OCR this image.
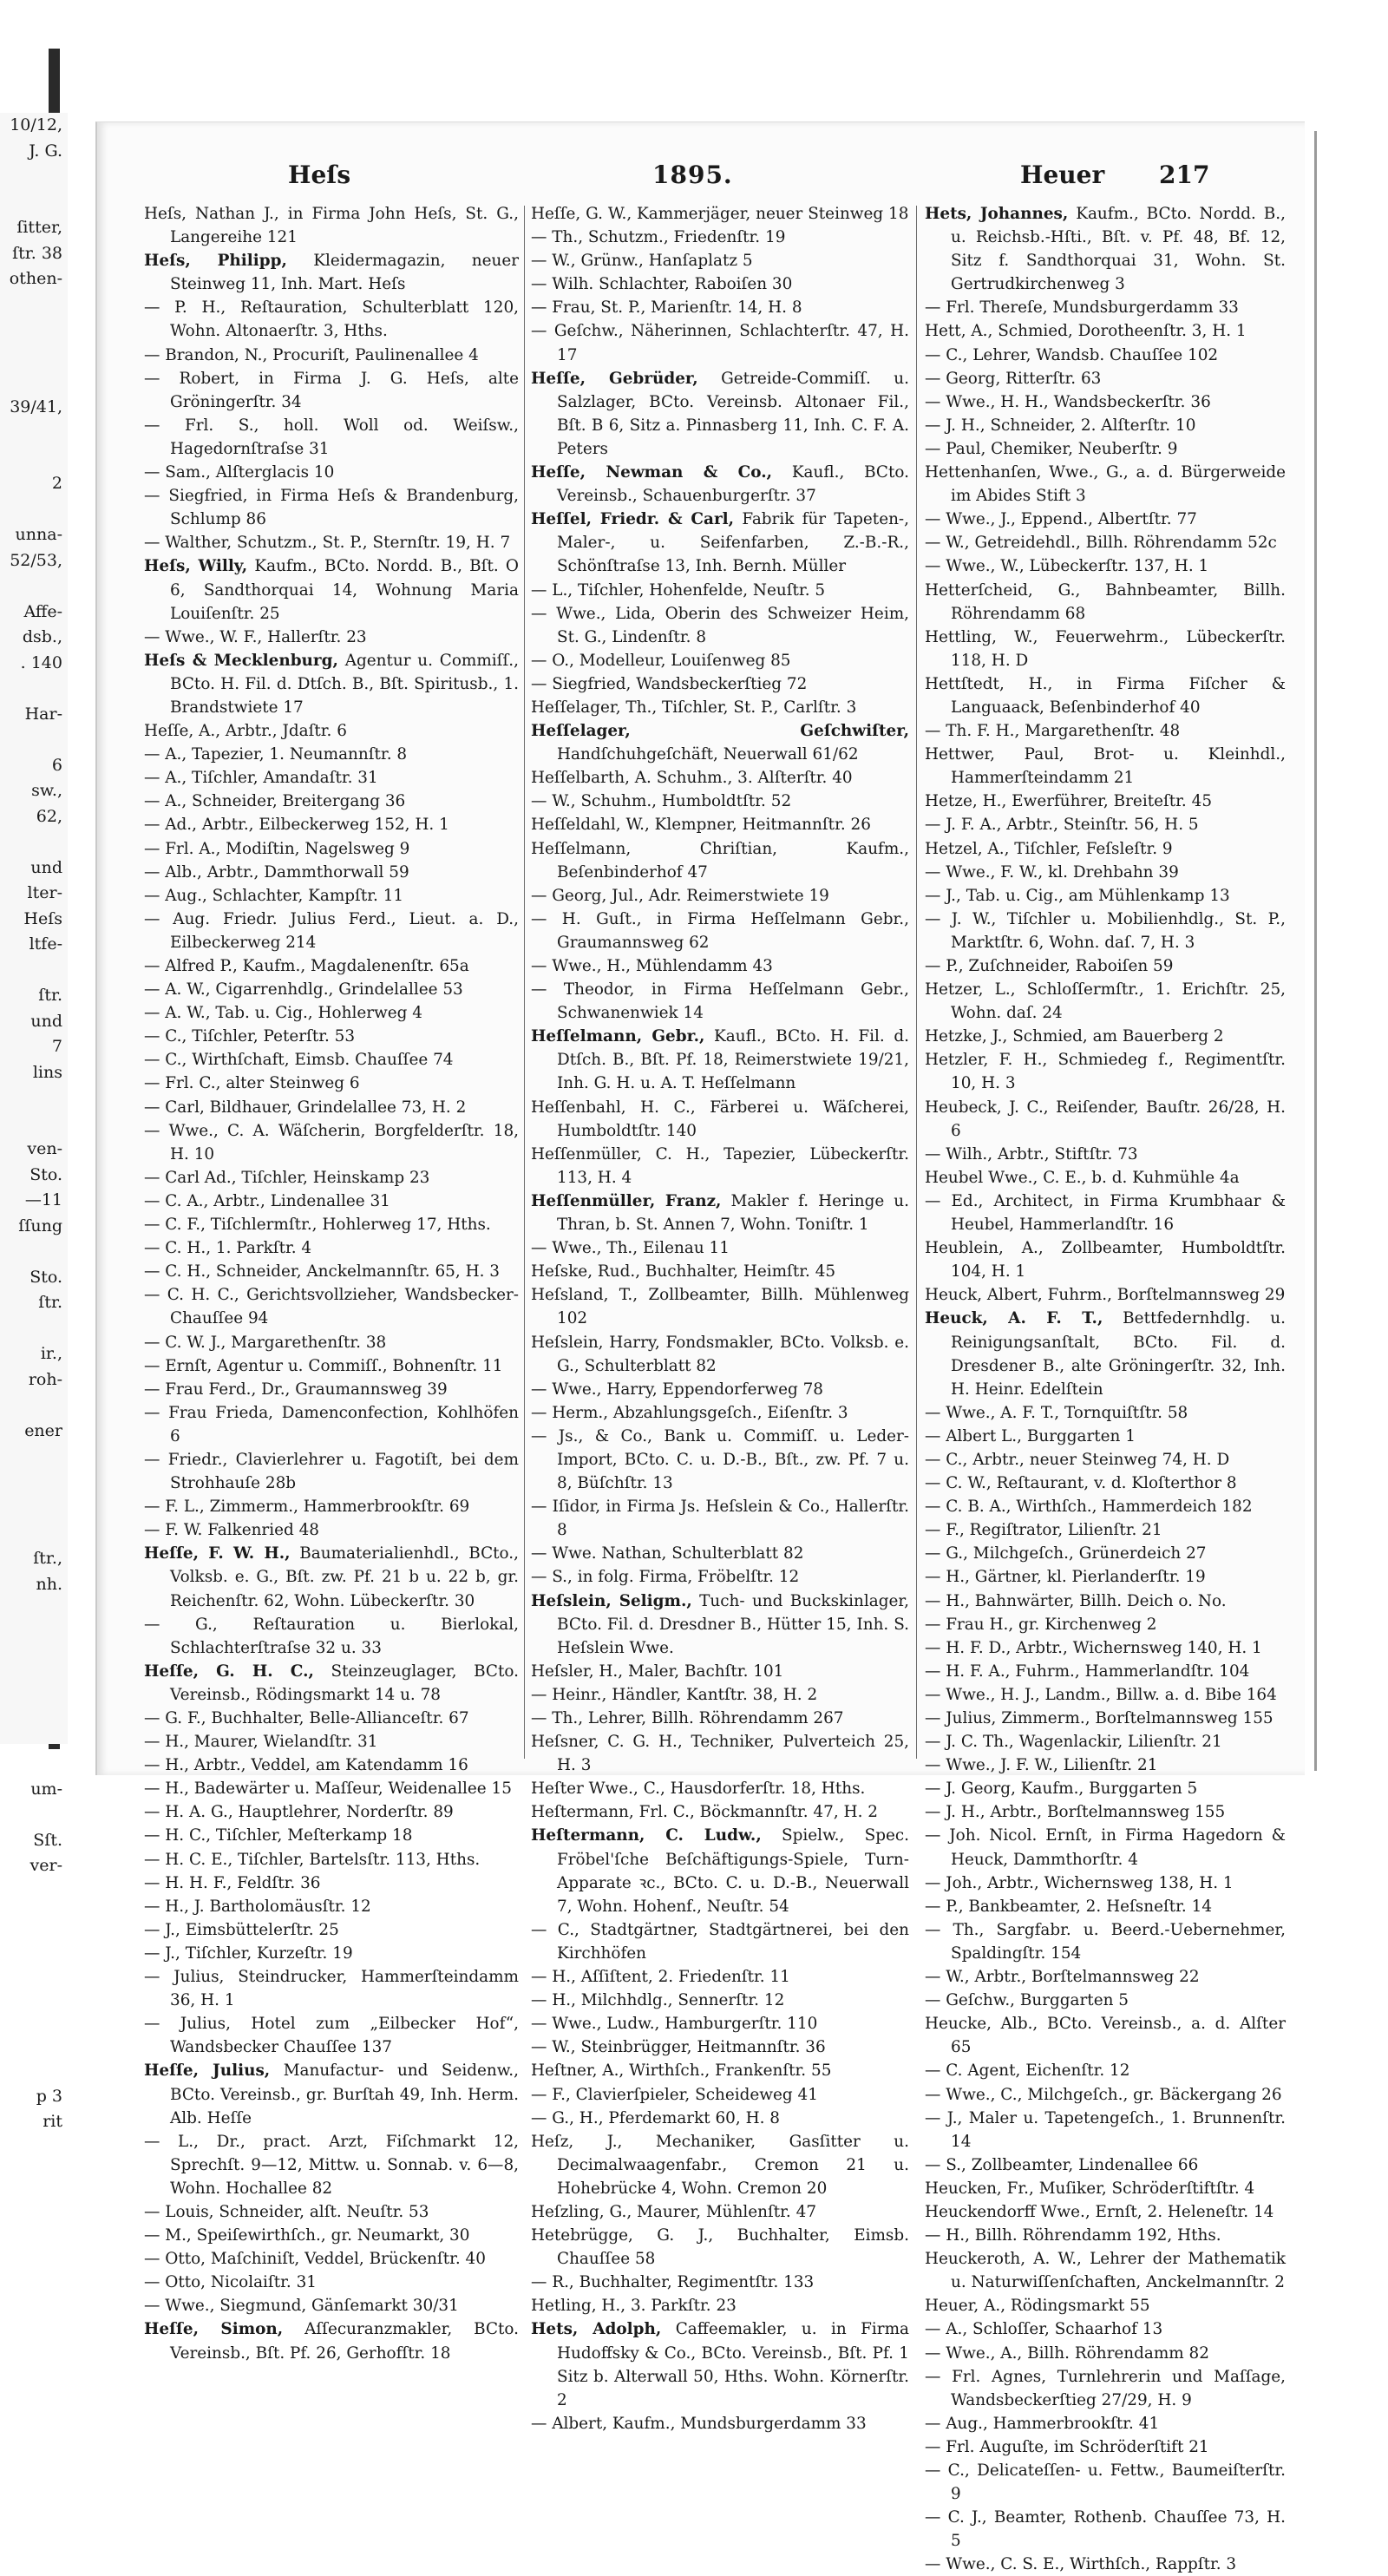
10/12,
J. G.

ſitter,
ſtr. 38
othen-

39/41,

2

unna-
52/53,

Affe-
dsb.,
. 140

Har-

6
sw.,
62,

und
lter-
Heſs
ltfe-

ſtr.
und
7
lins

ven-
Sto.
—11
ſſung

Sto.
ſtr.

ir.,
roh-

ener

ſtr.,
nh.

um-

Sſt.
ver-

p 3
rit
Heſs	1895.	Heuer 217

Heſs, Nathan J., in Firma John Heſs, St. G., Langereihe 121

Heſs, Philipp, Kleidermagazin, neuer Steinweg 11, Inh. Mart. Heſs

— P. H., Reſtauration, Schulterblatt 120, Wohn. Altonaerſtr. 3, Hths.

— Brandon, N., Procuriſt, Paulinenallee 4

— Robert, in Firma J. G. Heſs, alte Gröningerſtr. 34

— Frl. S., holl. Woll od. Weiſsw., Hagedornſtraſse 31

— Sam., Alſterglacis 10

— Siegfried, in Firma Heſs & Brandenburg, Schlump 86

— Walther, Schutzm., St. P., Sternſtr. 19, H. 7

Heſs, Willy, Kaufm., BCto. Nordd. B., Bſt. O 6, Sandthorquai 14, Wohnung Maria Louiſenſtr. 25

— Wwe., W. F., Hallerſtr. 23

Heſs & Mecklenburg, Agentur u. Commiſſ., BCto. H. Fil. d. Dtſch. B., Bſt. Spiritusb., 1. Brandstwiete 17

Heſſe, A., Arbtr., Jdaſtr. 6

— A., Tapezier, 1. Neumannſtr. 8

— A., Tiſchler, Amandaſtr. 31

— A., Schneider, Breitergang 36

— Ad., Arbtr., Eilbeckerweg 152, H. 1

— Frl. A., Modiſtin, Nagelsweg 9

— Alb., Arbtr., Dammthorwall 59

— Aug., Schlachter, Kampſtr. 11

— Aug. Friedr. Julius Ferd., Lieut. a. D., Eilbeckerweg 214

— Alfred P., Kaufm., Magdalenenſtr. 65a

— A. W., Cigarrenhdlg., Grindelallee 53

— A. W., Tab. u. Cig., Hohlerweg 4

— C., Tiſchler, Peterſtr. 53

— C., Wirthſchaft, Eimsb. Chauſſee 74

— Frl. C., alter Steinweg 6

— Carl, Bildhauer, Grindelallee 73, H. 2

— Wwe., C. A. Wäſcherin, Borgfelderſtr. 18, H. 10

— Carl Ad., Tiſchler, Heinskamp 23

— C. A., Arbtr., Lindenallee 31

— C. F., Tiſchlermſtr., Hohlerweg 17, Hths.

— C. H., 1. Parkſtr. 4

— C. H., Schneider, Anckelmannſtr. 65, H. 3

— C. H. C., Gerichtsvollzieher, Wandsbecker-Chauſſee 94

— C. W. J., Margarethenſtr. 38

— Ernſt, Agentur u. Commiſſ., Bohnenſtr. 11

— Frau Ferd., Dr., Graumannsweg 39

— Frau Frieda, Damenconfection, Kohlhöfen 6

— Friedr., Clavierlehrer u. Fagotiſt, bei dem Strohhauſe 28b

— F. L., Zimmerm., Hammerbrookſtr. 69

— F. W. Falkenried 48

Heſſe, F. W. H., Baumaterialienhdl., BCto., Volksb. e. G., Bſt. zw. Pf. 21 b u. 22 b, gr. Reichenſtr. 62, Wohn. Lübeckerſtr. 30

— G., Reſtauration u. Bierlokal, Schlachterſtraſse 32 u. 33

Heſſe, G. H. C., Steinzeuglager, BCto. Vereinsb., Rödingsmarkt 14 u. 78

— G. F., Buchhalter, Belle-Allianceſtr. 67

— H., Maurer, Wielandſtr. 31

— H., Arbtr., Veddel, am Katendamm 16

— H., Badewärter u. Maſſeur, Weidenallee 15

— H. A. G., Hauptlehrer, Norderſtr. 89

— H. C., Tiſchler, Meſterkamp 18

— H. C. E., Tiſchler, Bartelsſtr. 113, Hths.

— H. H. F., Feldſtr. 36

— H., J. Bartholomäusſtr. 12

— J., Eimsbüttelerſtr. 25

— J., Tiſchler, Kurzeſtr. 19

— Julius, Steindrucker, Hammerſteindamm 36, H. 1

— Julius, Hotel zum „Eilbecker Hof“, Wandsbecker Chauſſee 137

Heſſe, Julius, Manufactur- und Seidenw., BCto. Vereinsb., gr. Burſtah 49, Inh. Herm. Alb. Heſſe

— L., Dr., pract. Arzt, Fiſchmarkt 12, Sprechſt. 9—12, Mittw. u. Sonnab. v. 6—8, Wohn. Hochallee 82

— Louis, Schneider, alſt. Neuſtr. 53

— M., Speiſewirthſch., gr. Neumarkt, 30

— Otto, Maſchiniſt, Veddel, Brückenſtr. 40

— Otto, Nicolaiſtr. 31

— Wwe., Siegmund, Gänſemarkt 30/31

Heſſe, Simon, Aſſecuranzmakler, BCto. Vereinsb., Bſt. Pf. 26, Gerhofſtr. 18

Heſſe, G. W., Kammerjäger, neuer Steinweg 18

— Th., Schutzm., Friedenſtr. 19

— W., Grünw., Hanſaplatz 5

— Wilh. Schlachter, Raboiſen 30

— Frau, St. P., Marienſtr. 14, H. 8

— Geſchw., Näherinnen, Schlachterſtr. 47, H. 17

Heſſe, Gebrüder, Getreide-Commiſſ. u. Salzlager, BCto. Vereinsb. Altonaer Fil., Bſt. B 6, Sitz a. Pinnasberg 11, Inh. C. F. A. Peters

Heſſe, Newman & Co., Kaufl., BCto. Vereinsb., Schauenburgerſtr. 37

Heſſel, Friedr. & Carl, Fabrik für Tapeten-, Maler-, u. Seifenfarben, Z.-B.-R., Schönſtraſse 13, Inh. Bernh. Müller

— L., Tiſchler, Hohenfelde, Neuſtr. 5

— Wwe., Lida, Oberin des Schweizer Heim, St. G., Lindenſtr. 8

— O., Modelleur, Louiſenweg 85

— Siegfried, Wandsbeckerſtieg 72

Heſſelager, Th., Tiſchler, St. P., Carlſtr. 3

Heſſelager, Geſchwiſter, Handſchuhgeſchäft, Neuerwall 61/62

Heſſelbarth, A. Schuhm., 3. Alſterſtr. 40

— W., Schuhm., Humboldtſtr. 52

Heſſeldahl, W., Klempner, Heitmannſtr. 26

Heſſelmann, Chriſtian, Kaufm., Beſenbinderhof 47

— Georg, Jul., Adr. Reimerstwiete 19

— H. Guſt., in Firma Heſſelmann Gebr., Graumannsweg 62

— Wwe., H., Mühlendamm 43

— Theodor, in Firma Heſſelmann Gebr., Schwanenwiek 14

Heſſelmann, Gebr., Kaufl., BCto. H. Fil. d. Dtſch. B., Bſt. Pf. 18, Reimerstwiete 19/21, Inh. G. H. u. A. T. Heſſelmann

Heſſenbahl, H. C., Färberei u. Wäſcherei, Humboldtſtr. 140

Heſſenmüller, C. H., Tapezier, Lübeckerſtr. 113, H. 4

Heſſenmüller, Franz, Makler f. Heringe u. Thran, b. St. Annen 7, Wohn. Toniſtr. 1

— Wwe., Th., Eilenau 11

Heſske, Rud., Buchhalter, Heimſtr. 45

Heſsland, T., Zollbeamter, Billh. Mühlenweg 102

Heſslein, Harry, Fondsmakler, BCto. Volksb. e. G., Schulterblatt 82

— Wwe., Harry, Eppendorferweg 78

— Herm., Abzahlungsgeſch., Eiſenſtr. 3

— Js., & Co., Bank u. Commiſſ. u. Leder-Import, BCto. C. u. D.-B., Bſt., zw. Pf. 7 u. 8, Büſchſtr. 13

— Iſidor, in Firma Js. Heſslein & Co., Hallerſtr. 8

— Wwe. Nathan, Schulterblatt 82

— S., in folg. Firma, Fröbelſtr. 12

Heſslein, Seligm., Tuch- und Buckskinlager, BCto. Fil. d. Dresdner B., Hütter 15, Inh. S. Heſslein Wwe.

Heſsler, H., Maler, Bachſtr. 101

— Heinr., Händler, Kantſtr. 38, H. 2

— Th., Lehrer, Billh. Röhrendamm 267

Heſsner, C. G. H., Techniker, Pulverteich 25, H. 3

Heſter Wwe., C., Hausdorferſtr. 18, Hths.

Heſtermann, Frl. C., Böckmannſtr. 47, H. 2

Heſtermann, C. Ludw., Spielw., Spec. Fröbel'ſche Beſchäftigungs-Spiele, Turn-Apparate ꝛc., BCto. C. u. D.-B., Neuerwall 7, Wohn. Hohenf., Neuſtr. 54

— C., Stadtgärtner, Stadtgärtnerei, bei den Kirchhöfen

— H., Aſſiſtent, 2. Friedenſtr. 11

— H., Milchhdlg., Sennerſtr. 12

— Wwe., Ludw., Hamburgerſtr. 110

— W., Steinbrügger, Heitmannſtr. 36

Heſtner, A., Wirthſch., Frankenſtr. 55

— F., Clavierſpieler, Scheideweg 41

— G., H., Pferdemarkt 60, H. 8

Heſz, J., Mechaniker, Gasſitter u. Decimalwaagenfabr., Cremon 21 u. Hohebrücke 4, Wohn. Cremon 20

Heſzling, G., Maurer, Mühlenſtr. 47

Hetebrügge, G. J., Buchhalter, Eimsb. Chauſſee 58

— R., Buchhalter, Regimentſtr. 133

Hetling, H., 3. Parkſtr. 23

Hets, Adolph, Caffeemakler, u. in Firma Hudoffsky & Co., BCto. Vereinsb., Bſt. Pf. 1 Sitz b. Alterwall 50, Hths. Wohn. Körnerſtr. 2

— Albert, Kaufm., Mundsburgerdamm 33

Hets, Johannes, Kaufm., BCto. Nordd. B., u. Reichsb.-Hſti., Bſt. v. Pf. 48, Bf. 12, Sitz f. Sandthorquai 31, Wohn. St. Gertrudkirchenweg 3

— Frl. Thereſe, Mundsburgerdamm 33

Hett, A., Schmied, Dorotheenſtr. 3, H. 1

— C., Lehrer, Wandsb. Chauſſee 102

— Georg, Ritterſtr. 63

— Wwe., H. H., Wandsbeckerſtr. 36

— J. H., Schneider, 2. Alſterſtr. 10

— Paul, Chemiker, Neuberſtr. 9

Hettenhanſen, Wwe., G., a. d. Bürgerweide im Abides Stift 3

— Wwe., J., Eppend., Albertſtr. 77

— W., Getreidehdl., Billh. Röhrendamm 52c

— Wwe., W., Lübeckerſtr. 137, H. 1

Hetterſcheid, G., Bahnbeamter, Billh. Röhrendamm 68

Hettling, W., Feuerwehrm., Lübeckerſtr. 118, H. D

Hettſtedt, H., in Firma Fiſcher & Languaack, Beſenbinderhof 40

— Th. F. H., Margarethenſtr. 48

Hettwer, Paul, Brot- u. Kleinhdl., Hammerſteindamm 21

Hetze, H., Ewerführer, Breiteſtr. 45

— J. F. A., Arbtr., Steinſtr. 56, H. 5

Hetzel, A., Tiſchler, Feſsleſtr. 9

— Wwe., F. W., kl. Drehbahn 39

— J., Tab. u. Cig., am Mühlenkamp 13

— J. W., Tiſchler u. Mobilienhdlg., St. P., Marktſtr. 6, Wohn. daſ. 7, H. 3

— P., Zuſchneider, Raboiſen 59

Hetzer, L., Schloſſermſtr., 1. Erichſtr. 25, Wohn. daſ. 24

Hetzke, J., Schmied, am Bauerberg 2

Hetzler, F. H., Schmiedeg f., Regimentſtr. 10, H. 3

Heubeck, J. C., Reiſender, Bauſtr. 26/28, H. 6

— Wilh., Arbtr., Stiftſtr. 73

Heubel Wwe., C. E., b. d. Kuhmühle 4a

— Ed., Architect, in Firma Krumbhaar & Heubel, Hammerlandſtr. 16

Heublein, A., Zollbeamter, Humboldtſtr. 104, H. 1

Heuck, Albert, Fuhrm., Borſtelmannsweg 29

Heuck, A. F. T., Bettfedernhdlg. u. Reinigungsanſtalt, BCto. Fil. d. Dresdener B., alte Gröningerſtr. 32, Inh. H. Heinr. Edelſtein

— Wwe., A. F. T., Tornquiſtſtr. 58

— Albert L., Burggarten 1

— C., Arbtr., neuer Steinweg 74, H. D

— C. W., Reſtaurant, v. d. Kloſterthor 8

— C. B. A., Wirthſch., Hammerdeich 182

— F., Regiſtrator, Lilienſtr. 21

— G., Milchgeſch., Grünerdeich 27

— H., Gärtner, kl. Pierlanderſtr. 19

— H., Bahnwärter, Billh. Deich o. No.

— Frau H., gr. Kirchenweg 2

— H. F. D., Arbtr., Wichernsweg 140, H. 1

— H. F. A., Fuhrm., Hammerlandſtr. 104

— Wwe., H. J., Landm., Billw. a. d. Bibe 164

— Julius, Zimmerm., Borſtelmannsweg 155

— J. C. Th., Wagenlackir, Lilienſtr. 21

— Wwe., J. F. W., Lilienſtr. 21

— J. Georg, Kaufm., Burggarten 5

— J. H., Arbtr., Borſtelmannsweg 155

— Joh. Nicol. Ernſt, in Firma Hagedorn & Heuck, Dammthorſtr. 4

— Joh., Arbtr., Wichernsweg 138, H. 1

— P., Bankbeamter, 2. Heſsneſtr. 14

— Th., Sargfabr. u. Beerd.-Uebernehmer, Spaldingſtr. 154

— W., Arbtr., Borſtelmannsweg 22

— Geſchw., Burggarten 5

Heucke, Alb., BCto. Vereinsb., a. d. Alſter 65

— C. Agent, Eichenſtr. 12

— Wwe., C., Milchgeſch., gr. Bäckergang 26

— J., Maler u. Tapetengeſch., 1. Brunnenſtr. 14

— S., Zollbeamter, Lindenallee 66

Heucken, Fr., Muſiker, Schröderſtiftſtr. 4

Heuckendorff Wwe., Ernſt, 2. Heleneſtr. 14

— H., Billh. Röhrendamm 192, Hths.

Heuckeroth, A. W., Lehrer der Mathematik u. Naturwiſſenſchaften, Anckelmannſtr. 2

Heuer, A., Rödingsmarkt 55

— A., Schloſſer, Schaarhof 13

— Wwe., A., Billh. Röhrendamm 82

— Frl. Agnes, Turnlehrerin und Maſſage, Wandsbeckerſtieg 27/29, H. 9

— Aug., Hammerbrookſtr. 41

— Frl. Auguſte, im Schröderſtift 21

— C., Delicateſſen- u. Fettw., Baumeiſterſtr. 9

— C. J., Beamter, Rothenb. Chauſſee 73, H. 5

— Wwe., C. S. E., Wirthſch., Rappſtr. 3
